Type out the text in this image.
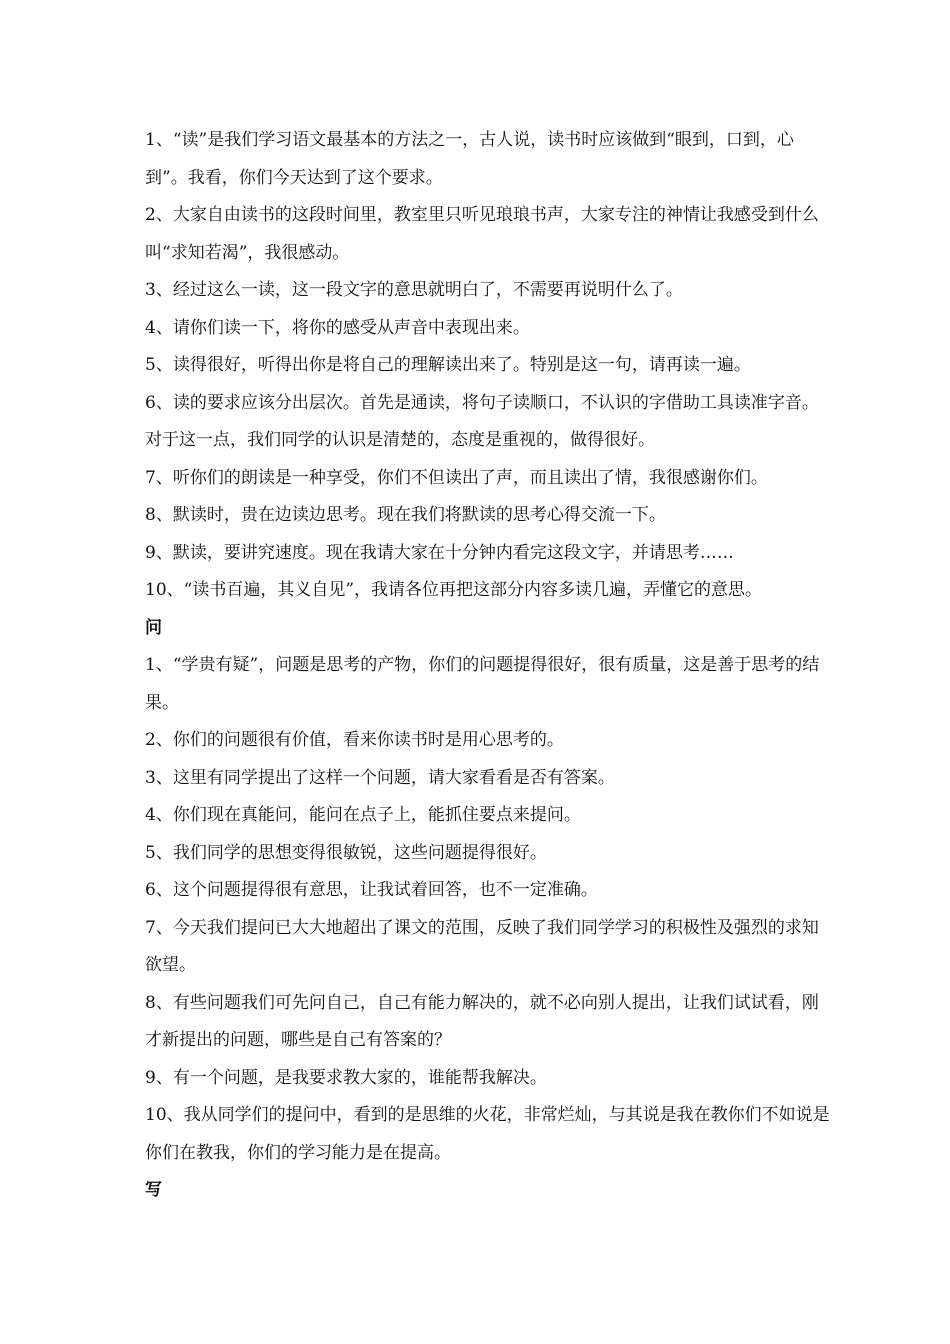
1、“读”是我们学习语文最基本的方法之一，古人说，读书时应该做到“眼到，口到，心到”。我看，你们今天达到了这个要求。

2、大家自由读书的这段时间里，教室里只听见琅琅书声，大家专注的神情让我感受到什么叫“求知若渴”，我很感动。

3、经过这么一读，这一段文字的意思就明白了，不需要再说明什么了。

4、请你们读一下，将你的感受从声音中表现出来。

5、读得很好，听得出你是将自己的理解读出来了。特别是这一句，请再读一遍。

6、读的要求应该分出层次。首先是通读，将句子读顺口，不认识的字借助工具读准字音。对于这一点，我们同学的认识是清楚的，态度是重视的，做得很好。

7、听你们的朗读是一种享受，你们不但读出了声，而且读出了情，我很感谢你们。

8、默读时，贵在边读边思考。现在我们将默读的思考心得交流一下。

9、默读，要讲究速度。现在我请大家在十分钟内看完这段文字，并请思考……

10、“读书百遍，其义自见”，我请各位再把这部分内容多读几遍，弄懂它的意思。

问

1、“学贵有疑”，问题是思考的产物，你们的问题提得很好，很有质量，这是善于思考的结果。

2、你们的问题很有价值，看来你读书时是用心思考的。

3、这里有同学提出了这样一个问题，请大家看看是否有答案。

4、你们现在真能问，能问在点子上，能抓住要点来提问。

5、我们同学的思想变得很敏锐，这些问题提得很好。

6、这个问题提得很有意思，让我试着回答，也不一定准确。

7、今天我们提问已大大地超出了课文的范围，反映了我们同学学习的积极性及强烈的求知欲望。

8、有些问题我们可先问自己，自己有能力解决的，就不必向别人提出，让我们试试看，刚才新提出的问题，哪些是自己有答案的？

9、有一个问题，是我要求教大家的，谁能帮我解决。

10、我从同学们的提问中，看到的是思维的火花，非常烂灿，与其说是我在教你们不如说是你们在教我，你们的学习能力是在提高。

写
